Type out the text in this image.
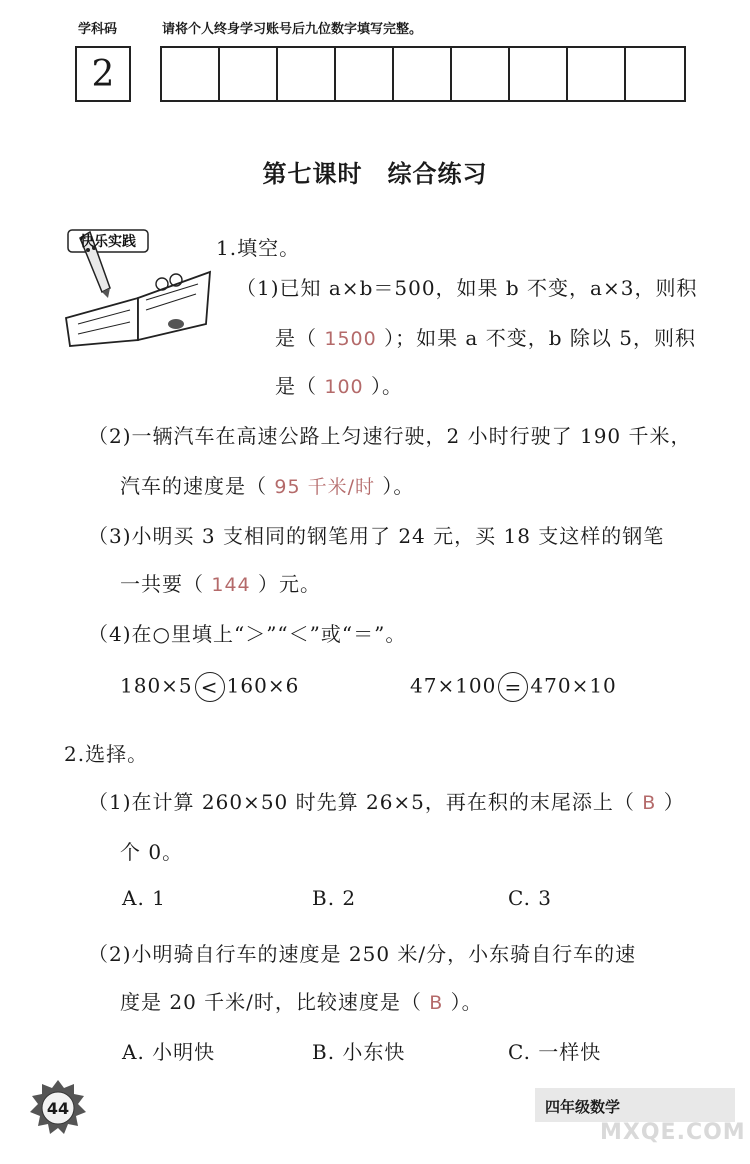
学科码	请将个人终身学习账号后九位数字填写完整。
2
第七课时　综合练习
快乐实践	1.填空。
（1)已知 a×b＝500，如果 b 不变，a×3，则积
是（ 1500 ）；如果 a 不变，b 除以 5，则积
是（ 100 ）。
（2)一辆汽车在高速公路上匀速行驶，2 小时行驶了 190 千米，
汽车的速度是（ 95 千米/时 ）。
（3)小明买 3 支相同的钢笔用了 24 元，买 18 支这样的钢笔
一共要（ 144 ）元。
（4)在○里填上“＞”“＜”或“＝”。
180×5 < 160×6	47×100 = 470×10
2.选择。
（1)在计算 260×50 时先算 26×5，再在积的末尾添上（ B ）
个 0。
A. 1	B. 2	C. 3
（2)小明骑自行车的速度是 250 米/分，小东骑自行车的速
度是 20 千米/时，比较速度是（ B ）。
A. 小明快	B. 小东快	C. 一样快
44	四年级数学
MXQE.COM
